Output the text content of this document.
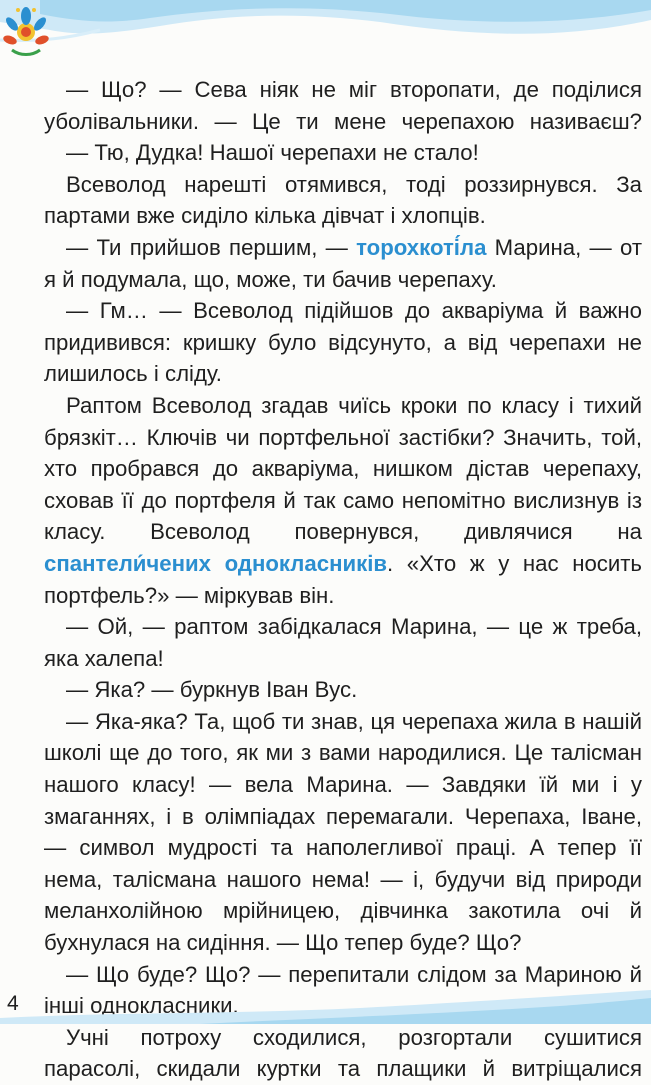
— Що? — Сева ніяк не міг второпати, де поділися уболівальники. — Це ти мене черепахою називаєш?

— Тю, Дудка! Нашої черепахи не стало!

Всеволод нарешті отямився, тоді роззирнувся. За партами вже сиділо кілька дівчат і хлопців.

— Ти прийшов першим, — торохкоті́ла Марина, — от я й подумала, що, може, ти бачив черепаху.

— Гм… — Всеволод підійшов до акваріума й важно придивився: кришку було відсунуто, а від черепахи не лишилось і сліду.

Раптом Всеволод згадав чиїсь кроки по класу і тихий брязкіт… Ключів чи портфельної застібки? Значить, той, хто пробрався до акваріума, нишком дістав черепаху, сховав її до портфеля й так само непомітно вислизнув із класу. Всеволод повернувся, дивлячися на спантели́чених однокласників. «Хто ж у нас носить портфель?» — міркував він.

— Ой, — раптом забідкалася Марина, — це ж треба, яка халепа!

— Яка? — буркнув Іван Вус.

— Яка-яка? Та, щоб ти знав, ця черепаха жила в нашій школі ще до того, як ми з вами народилися. Це талісман нашого класу! — вела Марина. — Завдяки їй ми і у змаганнях, і в олімпіадах перемагали. Черепаха, Іване, — символ мудрості та наполегливої праці. А тепер її нема, талісмана нашого нема! — і, будучи від природи меланхолійною мрійницею, дівчинка закотила очі й бухнулася на сидіння. — Що тепер буде? Що?

— Що буде? Що? — перепитали слідом за Мариною й інші однокласники.

Учні потроху сходилися, розгортали сушитися парасолі, скидали куртки та плащики й витріщалися

4
